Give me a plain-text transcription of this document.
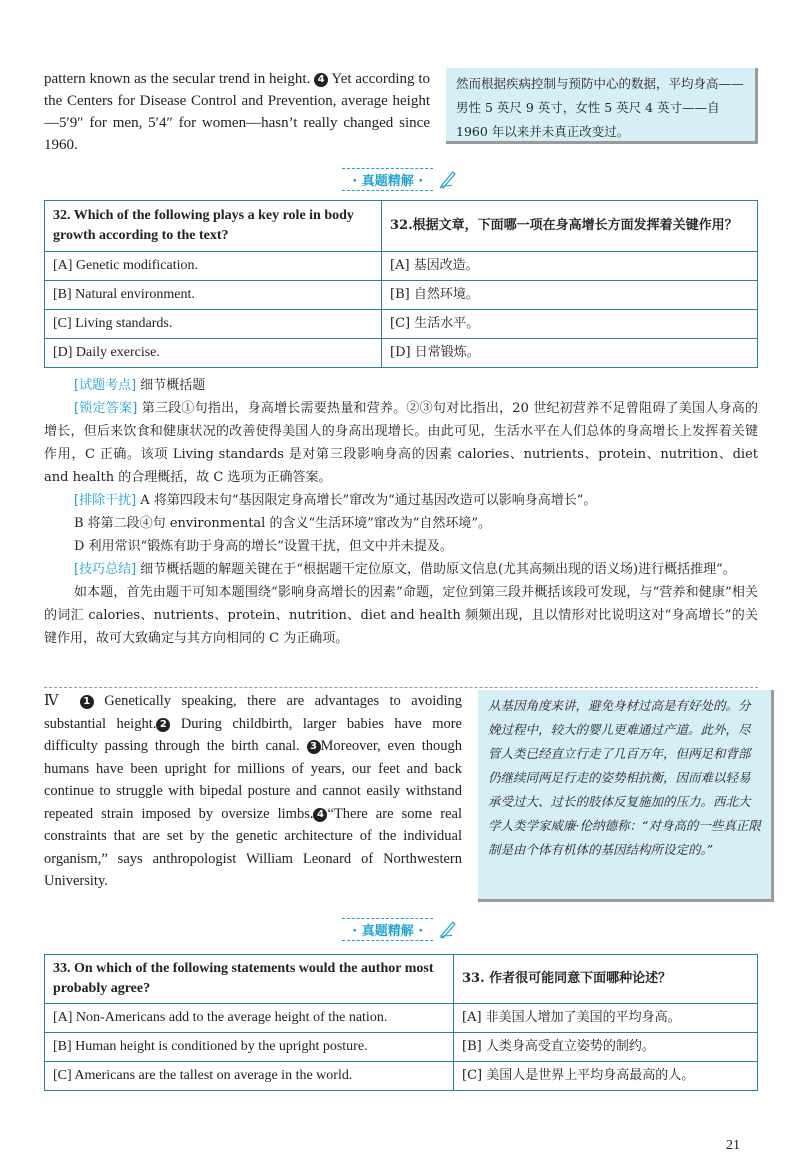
pattern known as the secular trend in height. 4 Yet according to the Centers for Disease Control and Prevention, average height—5′9″ for men, 5′4″ for women—hasn’t really changed since 1960.

然而根据疾病控制与预防中心的数据，平均身高——男性 5 英尺 9 英寸，女性 5 英尺 4 英寸——自 1960 年以来并未真正改变过。

· 真题精解 ·
32. Which of the following plays a key role in body growth according to the text?	32.根据文章，下面哪一项在身高增长方面发挥着关键作用？
[A] Genetic modification.	[A] 基因改造。
[B] Natural environment.	[B] 自然环境。
[C] Living standards.	[C] 生活水平。
[D] Daily exercise.	[D] 日常锻炼。

[试题考点] 细节概括题

[锁定答案] 第三段①句指出，身高增长需要热量和营养。②③句对比指出，20 世纪初营养不足曾阻碍了美国人身高的增长，但后来饮食和健康状况的改善使得美国人的身高出现增长。由此可见，生活水平在人们总体的身高增长上发挥着关键作用，C 正确。该项 Living standards 是对第三段影响身高的因素 calories、nutrients、protein、nutrition、diet and health 的合理概括，故 C 选项为正确答案。

[排除干扰] A 将第四段末句“基因限定身高增长”窜改为“通过基因改造可以影响身高增长”。

B 将第二段④句 environmental 的含义“生活环境”窜改为“自然环境”。

D 利用常识“锻炼有助于身高的增长”设置干扰，但文中并未提及。

[技巧总结] 细节概括题的解题关键在于“根据题干定位原文，借助原文信息(尤其高频出现的语义场)进行概括推理”。

如本题，首先由题干可知本题围绕“影响身高增长的因素”命题，定位到第三段并概括该段可发现，与“营养和健康”相关的词汇 calories、nutrients、protein、nutrition、diet and health 频频出现，且以情形对比说明这对“身高增长”的关键作用，故可大致确定与其方向相同的 C 为正确项。

Ⅳ 1 Genetically speaking, there are advantages to avoiding substantial height. 2 During childbirth, larger babies have more difficulty passing through the birth canal. 3 Moreover, even though humans have been upright for millions of years, our feet and back continue to struggle with bipedal posture and cannot easily withstand repeated strain imposed by oversize limbs. 4 “There are some real constraints that are set by the genetic architecture of the individual organism,” says anthropologist William Leonard of Northwestern University.

从基因角度来讲，避免身材过高是有好处的。分娩过程中，较大的婴儿更难通过产道。此外，尽管人类已经直立行走了几百万年，但两足和背部仍继续同两足行走的姿势相抗衡，因而难以轻易承受过大、过长的肢体反复施加的压力。西北大学人类学家威廉·伦纳德称：“对身高的一些真正限制是由个体有机体的基因结构所设定的。”

· 真题精解 ·
33. On which of the following statements would the author most probably agree?	33. 作者很可能同意下面哪种论述？
[A] Non-Americans add to the average height of the nation.	[A] 非美国人增加了美国的平均身高。
[B] Human height is conditioned by the upright posture.	[B] 人类身高受直立姿势的制约。
[C] Americans are the tallest on average in the world.	[C] 美国人是世界上平均身高最高的人。
21
